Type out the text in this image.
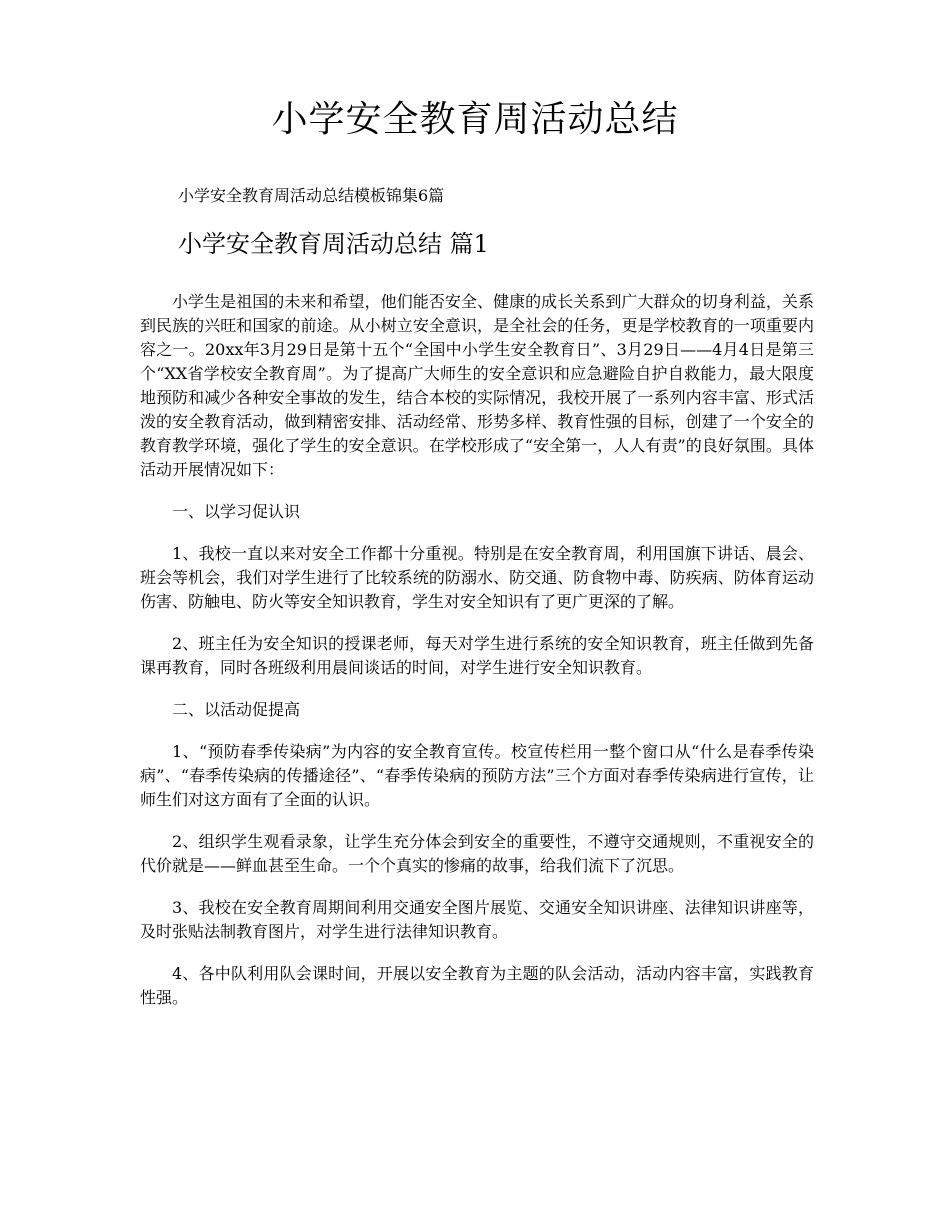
小学安全教育周活动总结

小学安全教育周活动总结模板锦集6篇

小学安全教育周活动总结 篇1

小学生是祖国的未来和希望，他们能否安全、健康的成长关系到广大群众的切身利益，关系到民族的兴旺和国家的前途。从小树立安全意识，是全社会的任务，更是学校教育的一项重要内容之一。20xx年3月29日是第十五个“全国中小学生安全教育日”、3月29日——4月4日是第三个“XX省学校安全教育周”。为了提高广大师生的安全意识和应急避险自护自救能力，最大限度地预防和减少各种安全事故的发生，结合本校的实际情况，我校开展了一系列内容丰富、形式活泼的安全教育活动，做到精密安排、活动经常、形势多样、教育性强的目标，创建了一个安全的教育教学环境，强化了学生的安全意识。在学校形成了“安全第一，人人有责”的良好氛围。具体活动开展情况如下：

一、以学习促认识

1、我校一直以来对安全工作都十分重视。特别是在安全教育周，利用国旗下讲话、晨会、班会等机会，我们对学生进行了比较系统的防溺水、防交通、防食物中毒、防疾病、防体育运动伤害、防触电、防火等安全知识教育，学生对安全知识有了更广更深的了解。

2、班主任为安全知识的授课老师，每天对学生进行系统的安全知识教育，班主任做到先备课再教育，同时各班级利用晨间谈话的时间，对学生进行安全知识教育。

二、以活动促提高

1、“预防春季传染病”为内容的安全教育宣传。校宣传栏用一整个窗口从“什么是春季传染病”、“春季传染病的传播途径”、“春季传染病的预防方法”三个方面对春季传染病进行宣传，让师生们对这方面有了全面的认识。

2、组织学生观看录象，让学生充分体会到安全的重要性，不遵守交通规则，不重视安全的代价就是——鲜血甚至生命。一个个真实的惨痛的故事，给我们流下了沉思。

3、我校在安全教育周期间利用交通安全图片展览、交通安全知识讲座、法律知识讲座等，及时张贴法制教育图片，对学生进行法律知识教育。

4、各中队利用队会课时间，开展以安全教育为主题的队会活动，活动内容丰富，实践教育性强。
